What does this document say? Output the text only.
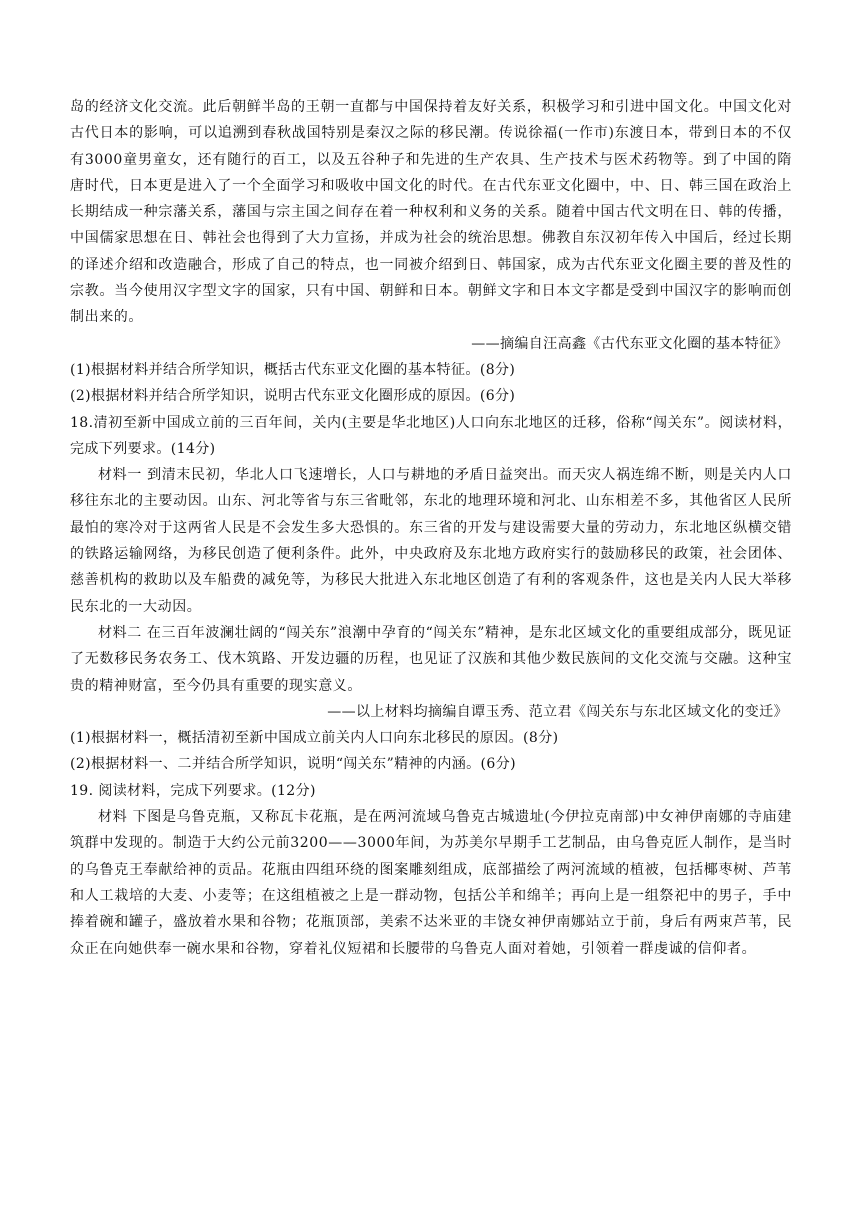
岛的经济文化交流。此后朝鲜半岛的王朝一直都与中国保持着友好关系，积极学习和引进中国文化。中国文化对古代日本的影响，可以追溯到春秋战国特别是秦汉之际的移民潮。传说徐福(一作市)东渡日本，带到日本的不仅有3000童男童女，还有随行的百工，以及五谷种子和先进的生产农具、生产技术与医术药物等。到了中国的隋唐时代，日本更是进入了一个全面学习和吸收中国文化的时代。在古代东亚文化圈中，中、日、韩三国在政治上长期结成一种宗藩关系，藩国与宗主国之间存在着一种权利和义务的关系。随着中国古代文明在日、韩的传播，中国儒家思想在日、韩社会也得到了大力宣扬，并成为社会的统治思想。佛教自东汉初年传入中国后，经过长期的译述介绍和改造融合，形成了自己的特点，也一同被介绍到日、韩国家，成为古代东亚文化圈主要的普及性的宗教。当今使用汉字型文字的国家，只有中国、朝鲜和日本。朝鲜文字和日本文字都是受到中国汉字的影响而创制出来的。

——摘编自汪高鑫《古代东亚文化圈的基本特征》

(1)根据材料并结合所学知识，概括古代东亚文化圈的基本特征。(8分)

(2)根据材料并结合所学知识，说明古代东亚文化圈形成的原因。(6分)

18.清初至新中国成立前的三百年间，关内(主要是华北地区)人口向东北地区的迁移，俗称“闯关东”。阅读材料，完成下列要求。(14分)

材料一 到清末民初，华北人口飞速增长，人口与耕地的矛盾日益突出。而天灾人祸连绵不断，则是关内人口移往东北的主要动因。山东、河北等省与东三省毗邻，东北的地理环境和河北、山东相差不多，其他省区人民所最怕的寒冷对于这两省人民是不会发生多大恐惧的。东三省的开发与建设需要大量的劳动力，东北地区纵横交错的铁路运输网络，为移民创造了便利条件。此外，中央政府及东北地方政府实行的鼓励移民的政策，社会团体、慈善机构的救助以及车船费的减免等，为移民大批进入东北地区创造了有利的客观条件，这也是关内人民大举移民东北的一大动因。

材料二 在三百年波澜壮阔的“闯关东”浪潮中孕育的“闯关东”精神，是东北区域文化的重要组成部分，既见证了无数移民务农务工、伐木筑路、开发边疆的历程，也见证了汉族和其他少数民族间的文化交流与交融。这种宝贵的精神财富，至今仍具有重要的现实意义。

——以上材料均摘编自谭玉秀、范立君《闯关东与东北区域文化的变迁》

(1)根据材料一，概括清初至新中国成立前关内人口向东北移民的原因。(8分)

(2)根据材料一、二并结合所学知识，说明“闯关东”精神的内涵。(6分)

19. 阅读材料，完成下列要求。(12分)

材料 下图是乌鲁克瓶，又称瓦卡花瓶，是在两河流域乌鲁克古城遗址(今伊拉克南部)中女神伊南娜的寺庙建筑群中发现的。制造于大约公元前3200——3000年间，为苏美尔早期手工艺制品，由乌鲁克匠人制作，是当时的乌鲁克王奉献给神的贡品。花瓶由四组环绕的图案雕刻组成，底部描绘了两河流域的植被，包括椰枣树、芦苇和人工栽培的大麦、小麦等；在这组植被之上是一群动物，包括公羊和绵羊；再向上是一组祭祀中的男子，手中捧着碗和罐子，盛放着水果和谷物；花瓶顶部，美索不达米亚的丰饶女神伊南娜站立于前，身后有两束芦苇，民众正在向她供奉一碗水果和谷物，穿着礼仪短裙和长腰带的乌鲁克人面对着她，引领着一群虔诚的信仰者。
